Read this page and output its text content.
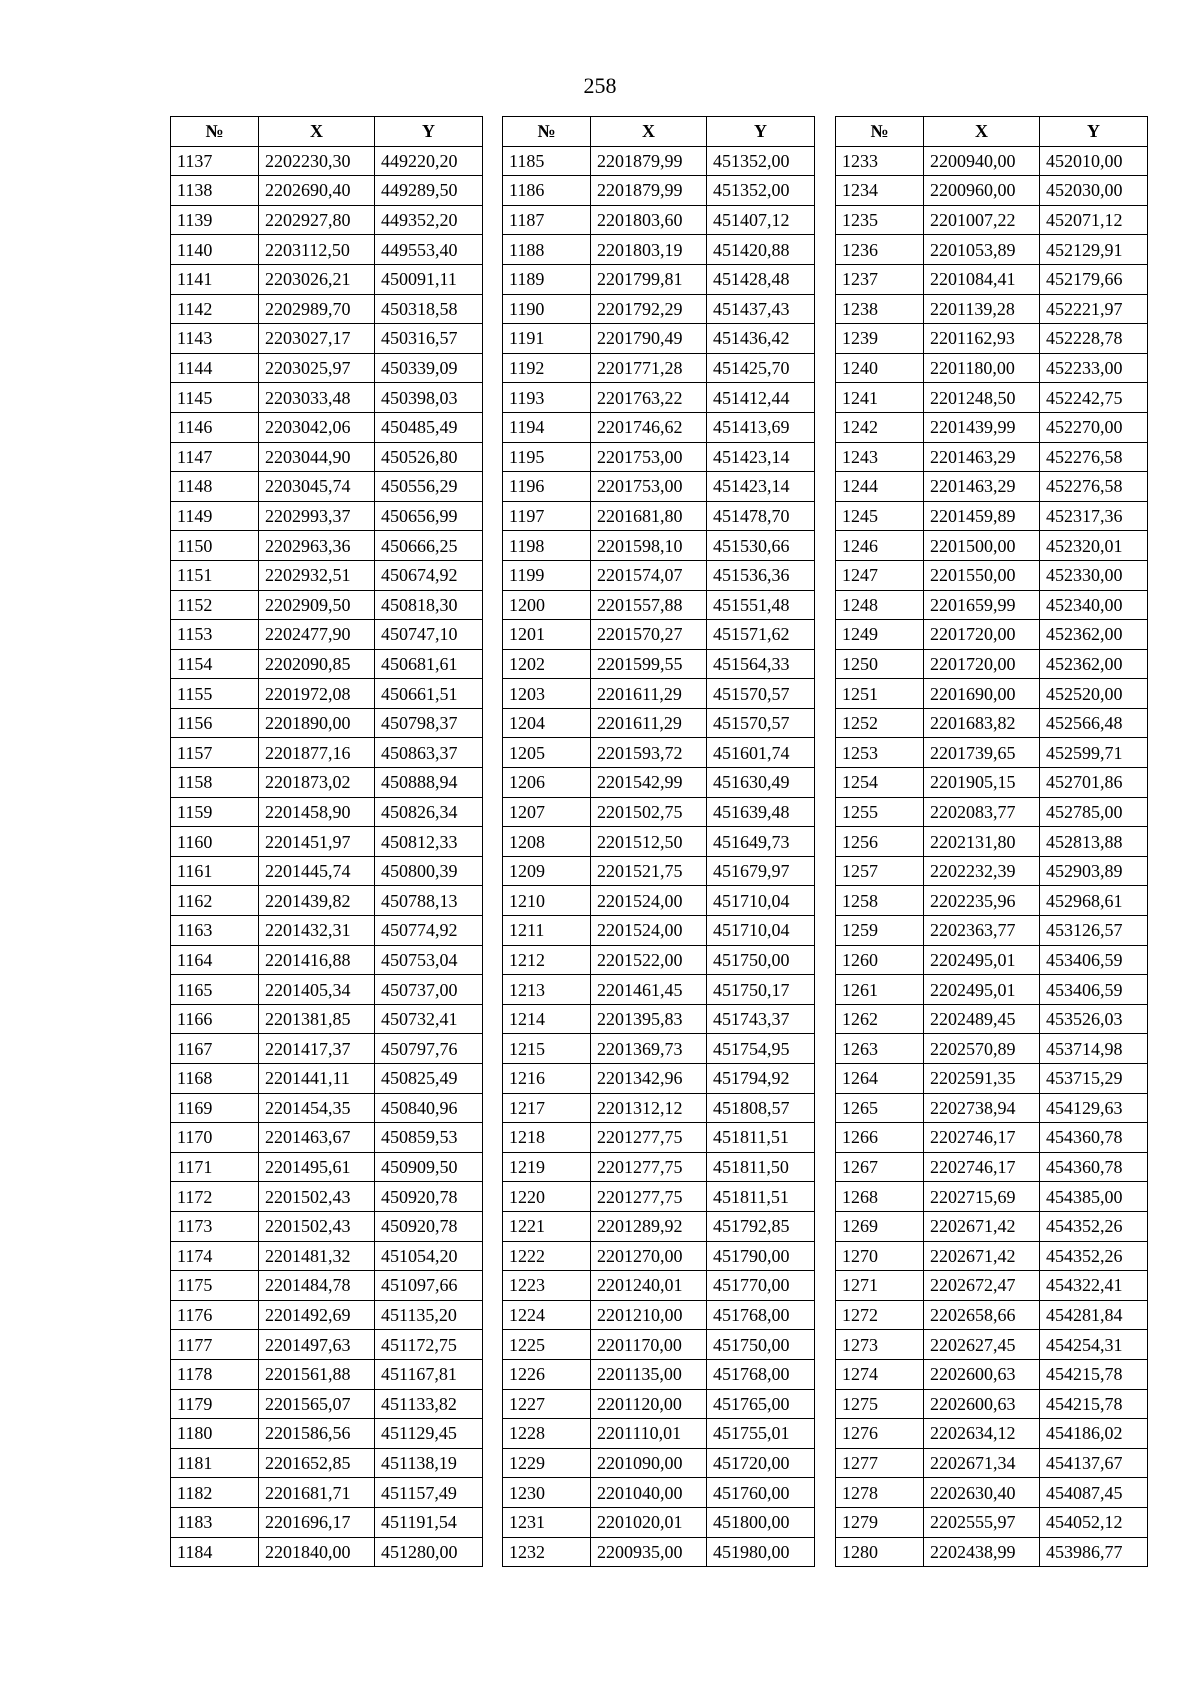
258
№	X	Y
1137	2202230,30	449220,20
1138	2202690,40	449289,50
1139	2202927,80	449352,20
1140	2203112,50	449553,40
1141	2203026,21	450091,11
1142	2202989,70	450318,58
1143	2203027,17	450316,57
1144	2203025,97	450339,09
1145	2203033,48	450398,03
1146	2203042,06	450485,49
1147	2203044,90	450526,80
1148	2203045,74	450556,29
1149	2202993,37	450656,99
1150	2202963,36	450666,25
1151	2202932,51	450674,92
1152	2202909,50	450818,30
1153	2202477,90	450747,10
1154	2202090,85	450681,61
1155	2201972,08	450661,51
1156	2201890,00	450798,37
1157	2201877,16	450863,37
1158	2201873,02	450888,94
1159	2201458,90	450826,34
1160	2201451,97	450812,33
1161	2201445,74	450800,39
1162	2201439,82	450788,13
1163	2201432,31	450774,92
1164	2201416,88	450753,04
1165	2201405,34	450737,00
1166	2201381,85	450732,41
1167	2201417,37	450797,76
1168	2201441,11	450825,49
1169	2201454,35	450840,96
1170	2201463,67	450859,53
1171	2201495,61	450909,50
1172	2201502,43	450920,78
1173	2201502,43	450920,78
1174	2201481,32	451054,20
1175	2201484,78	451097,66
1176	2201492,69	451135,20
1177	2201497,63	451172,75
1178	2201561,88	451167,81
1179	2201565,07	451133,82
1180	2201586,56	451129,45
1181	2201652,85	451138,19
1182	2201681,71	451157,49
1183	2201696,17	451191,54
1184	2201840,00	451280,00
№	X	Y
1185	2201879,99	451352,00
1186	2201879,99	451352,00
1187	2201803,60	451407,12
1188	2201803,19	451420,88
1189	2201799,81	451428,48
1190	2201792,29	451437,43
1191	2201790,49	451436,42
1192	2201771,28	451425,70
1193	2201763,22	451412,44
1194	2201746,62	451413,69
1195	2201753,00	451423,14
1196	2201753,00	451423,14
1197	2201681,80	451478,70
1198	2201598,10	451530,66
1199	2201574,07	451536,36
1200	2201557,88	451551,48
1201	2201570,27	451571,62
1202	2201599,55	451564,33
1203	2201611,29	451570,57
1204	2201611,29	451570,57
1205	2201593,72	451601,74
1206	2201542,99	451630,49
1207	2201502,75	451639,48
1208	2201512,50	451649,73
1209	2201521,75	451679,97
1210	2201524,00	451710,04
1211	2201524,00	451710,04
1212	2201522,00	451750,00
1213	2201461,45	451750,17
1214	2201395,83	451743,37
1215	2201369,73	451754,95
1216	2201342,96	451794,92
1217	2201312,12	451808,57
1218	2201277,75	451811,51
1219	2201277,75	451811,50
1220	2201277,75	451811,51
1221	2201289,92	451792,85
1222	2201270,00	451790,00
1223	2201240,01	451770,00
1224	2201210,00	451768,00
1225	2201170,00	451750,00
1226	2201135,00	451768,00
1227	2201120,00	451765,00
1228	2201110,01	451755,01
1229	2201090,00	451720,00
1230	2201040,00	451760,00
1231	2201020,01	451800,00
1232	2200935,00	451980,00
№	X	Y
1233	2200940,00	452010,00
1234	2200960,00	452030,00
1235	2201007,22	452071,12
1236	2201053,89	452129,91
1237	2201084,41	452179,66
1238	2201139,28	452221,97
1239	2201162,93	452228,78
1240	2201180,00	452233,00
1241	2201248,50	452242,75
1242	2201439,99	452270,00
1243	2201463,29	452276,58
1244	2201463,29	452276,58
1245	2201459,89	452317,36
1246	2201500,00	452320,01
1247	2201550,00	452330,00
1248	2201659,99	452340,00
1249	2201720,00	452362,00
1250	2201720,00	452362,00
1251	2201690,00	452520,00
1252	2201683,82	452566,48
1253	2201739,65	452599,71
1254	2201905,15	452701,86
1255	2202083,77	452785,00
1256	2202131,80	452813,88
1257	2202232,39	452903,89
1258	2202235,96	452968,61
1259	2202363,77	453126,57
1260	2202495,01	453406,59
1261	2202495,01	453406,59
1262	2202489,45	453526,03
1263	2202570,89	453714,98
1264	2202591,35	453715,29
1265	2202738,94	454129,63
1266	2202746,17	454360,78
1267	2202746,17	454360,78
1268	2202715,69	454385,00
1269	2202671,42	454352,26
1270	2202671,42	454352,26
1271	2202672,47	454322,41
1272	2202658,66	454281,84
1273	2202627,45	454254,31
1274	2202600,63	454215,78
1275	2202600,63	454215,78
1276	2202634,12	454186,02
1277	2202671,34	454137,67
1278	2202630,40	454087,45
1279	2202555,97	454052,12
1280	2202438,99	453986,77
